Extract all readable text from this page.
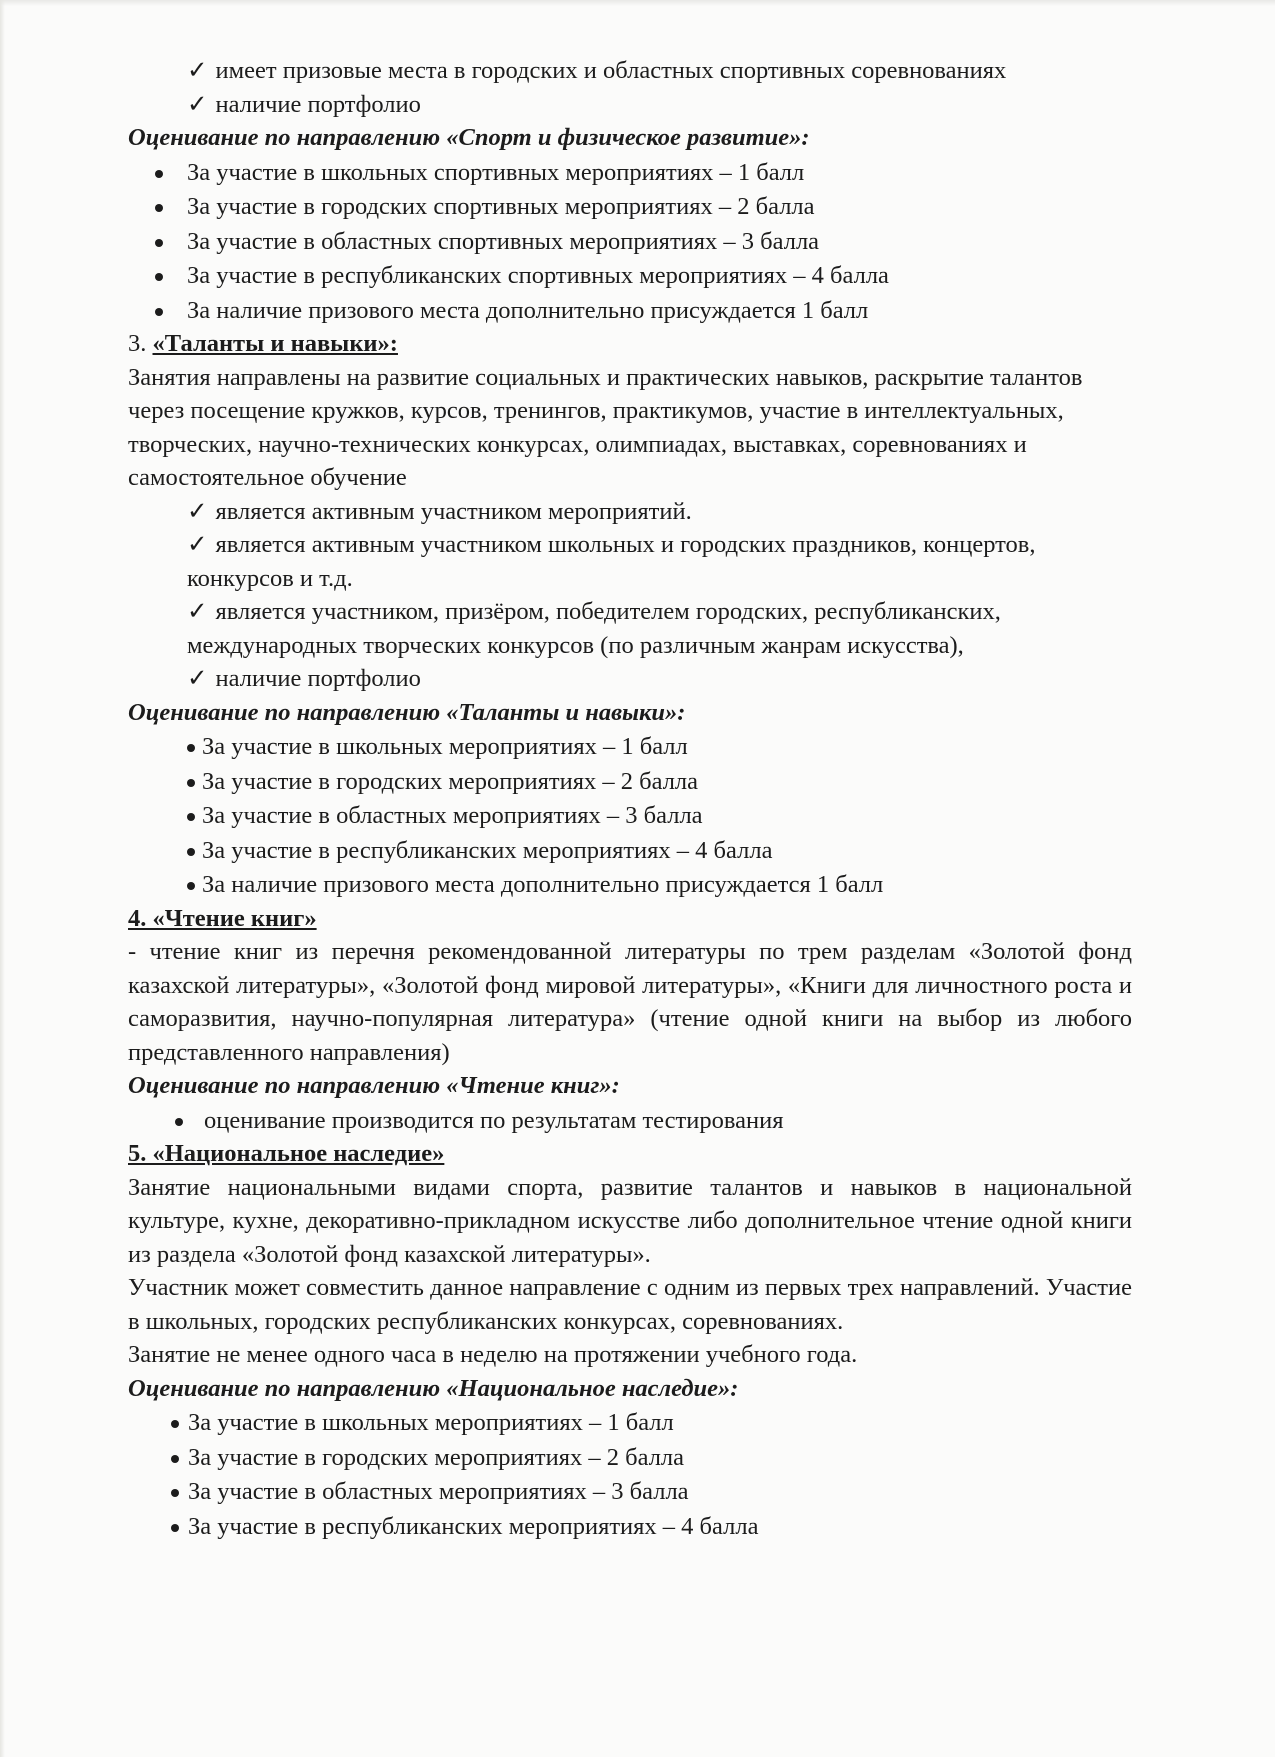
✓ имеет призовые места в городских и областных спортивных соревнованиях

✓ наличие портфолио

Оценивание по направлению «Спорт и физическое развитие»:

За участие в школьных спортивных мероприятиях – 1 балл

За участие в городских спортивных мероприятиях – 2 балла

За участие в областных спортивных мероприятиях – 3 балла

За участие в республиканских спортивных мероприятиях – 4 балла

За наличие призового места дополнительно присуждается 1 балл

3. «Таланты и навыки»:

Занятия направлены на развитие социальных и практических навыков, раскрытие талантов через посещение кружков, курсов, тренингов, практикумов, участие в интеллектуальных, творческих, научно-технических конкурсах, олимпиадах, выставках, соревнованиях и самостоятельное обучение

✓ является активным участником мероприятий.

✓ является активным участником школьных и городских праздников, концертов, конкурсов и т.д.

✓ является участником, призёром, победителем городских, республиканских, международных творческих конкурсов (по различным жанрам искусства),

✓ наличие портфолио

Оценивание по направлению «Таланты и навыки»:

За участие в школьных мероприятиях – 1 балл

За участие в городских мероприятиях – 2 балла

За участие в областных мероприятиях – 3 балла

За участие в республиканских мероприятиях – 4 балла

За наличие призового места дополнительно присуждается 1 балл

4. «Чтение книг»

- чтение книг из перечня рекомендованной литературы по трем разделам «Золотой фонд казахской литературы», «Золотой фонд мировой литературы», «Книги для личностного роста и саморазвития, научно-популярная литература» (чтение одной книги на выбор из любого представленного направления)

Оценивание по направлению «Чтение книг»:

оценивание производится по результатам тестирования

5. «Национальное наследие»

Занятие национальными видами спорта, развитие талантов и навыков в национальной культуре, кухне, декоративно-прикладном искусстве либо дополнительное чтение одной книги из раздела «Золотой фонд казахской литературы».

Участник может совместить данное направление с одним из первых трех направлений. Участие в школьных, городских республиканских конкурсах, соревнованиях.

Занятие не менее одного часа в неделю на протяжении учебного года.

Оценивание по направлению «Национальное наследие»:

За участие в школьных мероприятиях – 1 балл

За участие в городских мероприятиях – 2 балла

За участие в областных мероприятиях – 3 балла

За участие в республиканских мероприятиях – 4 балла
